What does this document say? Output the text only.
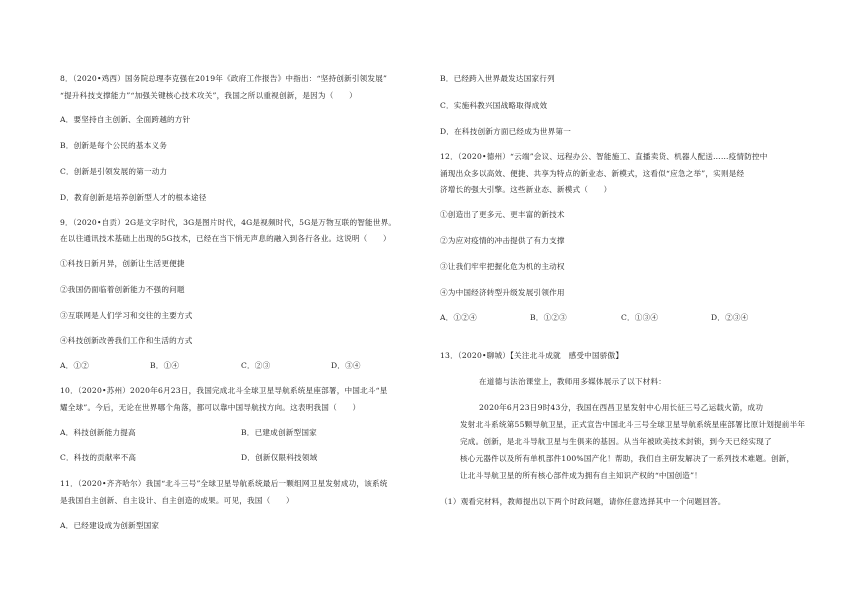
8．（2020•鸡西）国务院总理李克强在2019年《政府工作报告》中指出：“坚持创新引领发展”
“提升科技支撑能力”“加强关键核心技术攻关”，我国之所以重视创新，是因为（　　）
A．要坚持自主创新、全面跨越的方针
B．创新是每个公民的基本义务
C．创新是引领发展的第一动力
D．教育创新是培养创新型人才的根本途径
9．（2020•自贡）2G是文字时代，3G是图片时代，4G是视频时代，5G是万物互联的智能世界。
在以往通讯技术基础上出现的5G技术，已经在当下悄无声息的融入到各行各业。这说明（　　）
①科技日新月异，创新让生活更便捷
②我国仍面临着创新能力不强的问题
③互联网是人们学习和交往的主要方式
④科技创新改善我们工作和生活的方式
A．①②	B．①④	C．②③	D．③④
10．（2020•苏州）2020年6月23日，我国完成北斗全球卫星导航系统星座部署，中国北斗“星
耀全球”。今后，无论在世界哪个角落，都可以靠中国导航找方向。这表明我国（　　）
A．科技创新能力提高	B．已建成创新型国家
C．科技的贡献率不高	D．创新仅限科技领域
11．（2020•齐齐哈尔）我国“北斗三号”全球卫星导航系统最后一颗组网卫星发射成功，该系统
是我国自主创新、自主设计、自主创造的成果。可见，我国（　　）
A．已经建设成为创新型国家
B．已经跨入世界最发达国家行列
C．实施科教兴国战略取得成效
D．在科技创新方面已经成为世界第一
12．（2020•德州）“云端”会议、远程办公、智能施工、直播卖货、机器人配送……疫情防控中
涌现出众多以高效、便捷、共享为特点的新业态、新模式，这看似“应急之举”，实则是经
济增长的强大引擎。这些新业态、新模式（　　）
①创造出了更多元、更丰富的新技术
②为应对疫情的冲击提供了有力支撑
③让我们牢牢把握化危为机的主动权
④为中国经济转型升级发展引领作用
A．①②④	B．①②③	C．①③④	D．②③④
13．（2020•聊城）【关注北斗成就　感受中国骄傲】
在道德与法治课堂上，教师用多媒体展示了以下材料：
2020年6月23日9时43分，我国在西昌卫星发射中心用长征三号乙运载火箭，成功
发射北斗系统第55颗导航卫星，正式宣告中国北斗三号全球卫星导航系统星座部署比原计划提前半年
完成。创新，是北斗导航卫星与生俱来的基因。从当年被欧美技术封锁，到今天已经实现了
核心元器件以及所有单机部件100%国产化！帮助，我们自主研发解决了一系列技术难题。创新，
让北斗导航卫星的所有核心部件成为拥有自主知识产权的“中国创造”！
（1）观看完材料，教师提出以下两个时政问题，请你任意选择其中一个问题回答。
